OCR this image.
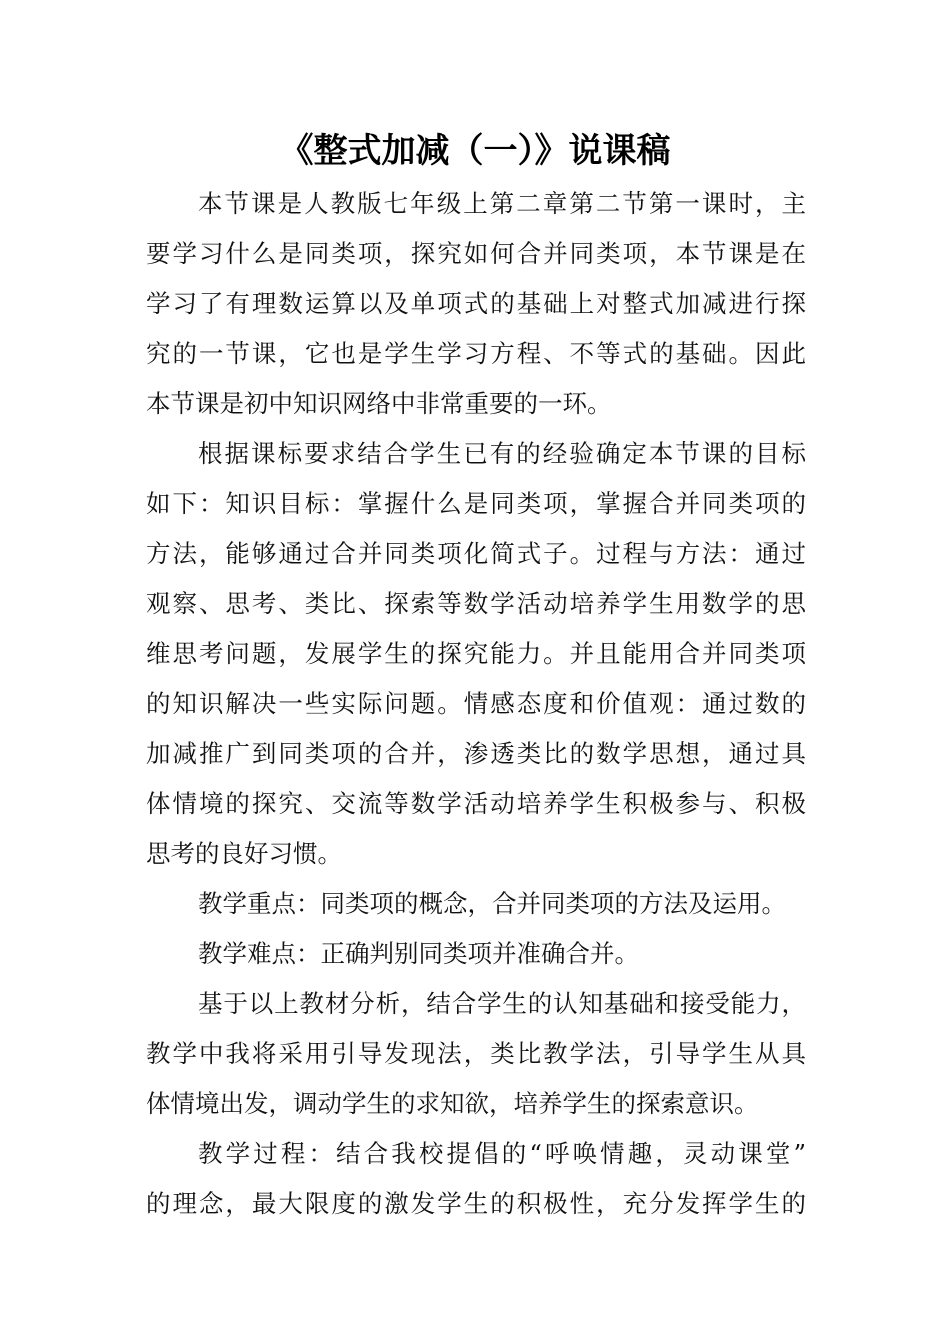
《整式加减（一）》说课稿
本节课是人教版七年级上第二章第二节第一课时，主
要学习什么是同类项，探究如何合并同类项，本节课是在
学习了有理数运算以及单项式的基础上对整式加减进行探
究的一节课，它也是学生学习方程、不等式的基础。因此
本节课是初中知识网络中非常重要的一环。
根据课标要求结合学生已有的经验确定本节课的目标
如下：知识目标：掌握什么是同类项，掌握合并同类项的
方法，能够通过合并同类项化简式子。过程与方法：通过
观察、思考、类比、探索等数学活动培养学生用数学的思
维思考问题，发展学生的探究能力。并且能用合并同类项
的知识解决一些实际问题。情感态度和价值观：通过数的
加减推广到同类项的合并，渗透类比的数学思想，通过具
体情境的探究、交流等数学活动培养学生积极参与、积极
思考的良好习惯。
教学重点：同类项的概念，合并同类项的方法及运用。
教学难点：正确判别同类项并准确合并。
基于以上教材分析，结合学生的认知基础和接受能力，
教学中我将采用引导发现法，类比教学法，引导学生从具
体情境出发，调动学生的求知欲，培养学生的探索意识。
教学过程：结合我校提倡的“呼唤情趣，灵动课堂”
的理念，最大限度的激发学生的积极性，充分发挥学生的
